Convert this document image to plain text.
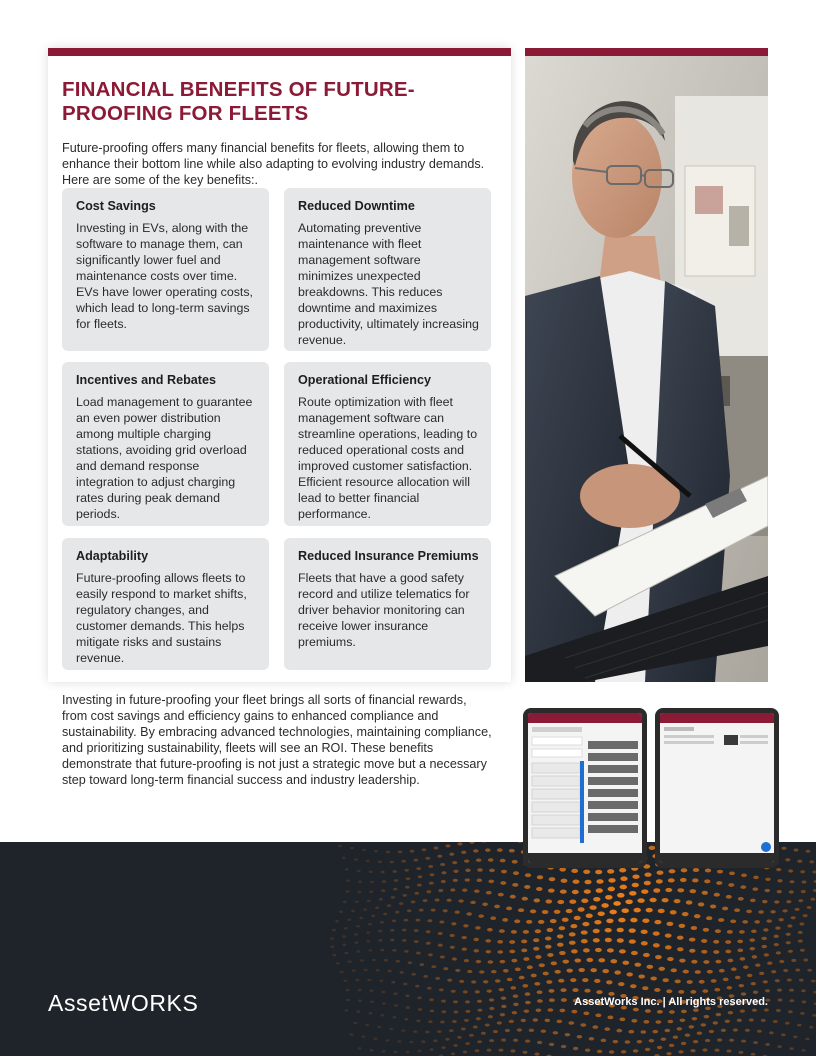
FINANCIAL BENEFITS OF FUTURE-PROOFING FOR FLEETS

Future-proofing offers many financial benefits for fleets, allowing them to enhance their bottom line while also adapting to evolving industry demands. Here are some of the key benefits:.

Cost Savings

Investing in EVs, along with the software to manage them, can significantly lower fuel and maintenance costs over time. EVs have lower operating costs, which lead to long-term savings for fleets.

Reduced Downtime

Automating preventive maintenance with fleet management software minimizes unexpected breakdowns. This reduces downtime and maximizes productivity, ultimately increasing revenue.

Incentives and Rebates

Load management to guarantee an even power distribution among multiple charging stations, avoiding grid overload and demand response integration to adjust charging rates during peak demand periods.

Operational Efficiency

Route optimization with fleet management software can streamline operations, leading to reduced operational costs and improved customer satisfaction. Efficient resource allocation will lead to better financial performance.

Adaptability

Future-proofing allows fleets to easily respond to market shifts, regulatory changes, and customer demands. This helps mitigate risks and sustains revenue.

Reduced Insurance Premiums

Fleets that have a good safety record and utilize telematics for driver behavior monitoring can receive lower insurance premiums.

Investing in future-proofing your fleet brings all sorts of financial rewards, from cost savings and efficiency gains to enhanced compliance and sustainability. By embracing advanced technologies, maintaining compliance, and prioritizing sustainability, fleets will see an ROI. These benefits demonstrate that future-proofing is not just a strategic move but a necessary step toward long-term financial success and industry leadership.

AssetWORKS	AssetWorks Inc. | All rights reserved.
